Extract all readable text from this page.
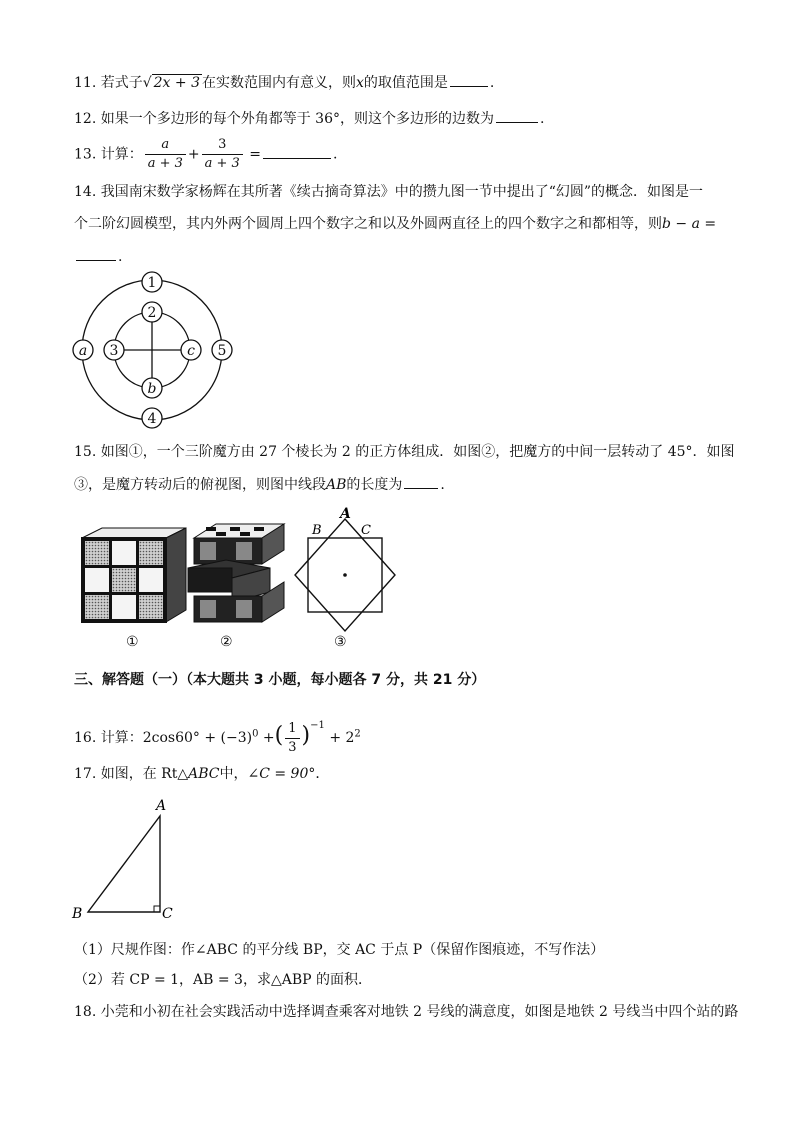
11. 若式子√ 2x + 3 在实数范围内有意义，则x的取值范围是	.
12. 如果一个多边形的每个外角都等于 36°，则这个多边形的边数为	.
13. 计算： $\frac{a}{a + 3} + \frac{3}{a + 3}$ =	.
14. 我国南宋数学家杨辉在其所著《续古摘奇算法》中的攒九图一节中提出了“幻圆”的概念．如图是一
个二阶幻圆模型，其内外两个圆周上四个数字之和以及外圆两直径上的四个数字之和都相等，则b − a =
.
1
2
a 3	c 5
b
4
15. 如图①，一个三阶魔方由 27 个棱长为 2 的正方体组成．如图②，把魔方的中间一层转动了 45°．如图
③，是魔方转动后的俯视图，则图中线段AB的长度为	.
①	②
A
B	C
③
三、解答题（一）（本大题共 3 小题，每小题各 7 分，共 21 分）
16. 计算：$2\cos 60^\circ + (-3)^0$ +( $\frac{1}{3} )^{-1} + 2^2$
17. 如图，在 Rt△ABC中，∠C = 90°．
A
B	C
（1）尺规作图：作∠ABC 的平分线 BP，交 AC 于点 P（保留作图痕迹，不写作法）
（2）若 CP = 1，AB = 3，求△ABP 的面积．
18. 小莞和小初在社会实践活动中选择调查乘客对地铁 2 号线的满意度，如图是地铁 2 号线当中四个站的路
